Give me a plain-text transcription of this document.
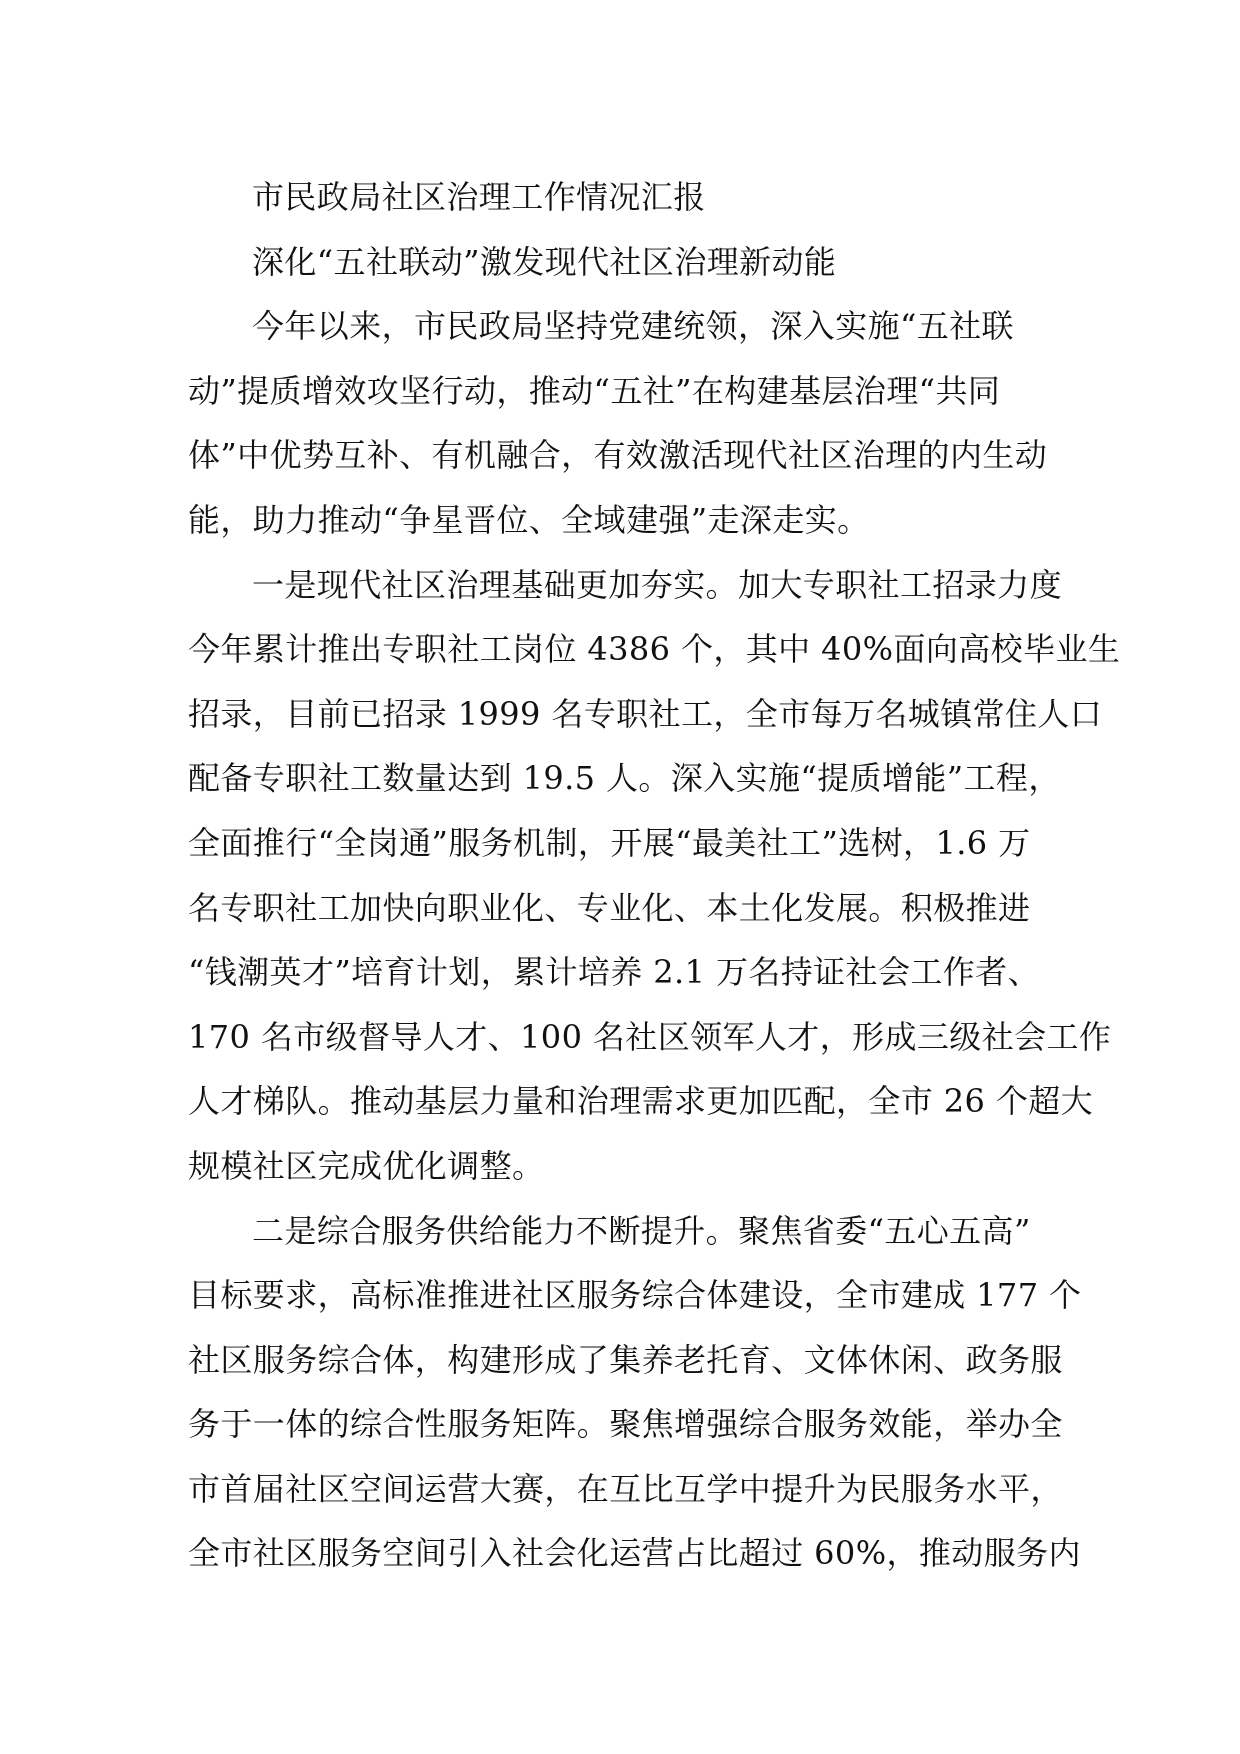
市民政局社区治理工作情况汇报
深化“五社联动”激发现代社区治理新动能
今年以来，市民政局坚持党建统领，深入实施“五社联
动”提质增效攻坚行动，推动“五社”在构建基层治理“共同
体”中优势互补、有机融合，有效激活现代社区治理的内生动
能，助力推动“争星晋位、全域建强”走深走实。
一是现代社区治理基础更加夯实。加大专职社工招录力度
今年累计推出专职社工岗位 4386 个，其中 40%面向高校毕业生
招录，目前已招录 1999 名专职社工，全市每万名城镇常住人口
配备专职社工数量达到 19.5 人。深入实施“提质增能”工程，
全面推行“全岗通”服务机制，开展“最美社工”选树，1.6 万
名专职社工加快向职业化、专业化、本土化发展。积极推进
“钱潮英才”培育计划，累计培养 2.1 万名持证社会工作者、
170 名市级督导人才、100 名社区领军人才，形成三级社会工作
人才梯队。推动基层力量和治理需求更加匹配，全市 26 个超大
规模社区完成优化调整。
二是综合服务供给能力不断提升。聚焦省委“五心五高”
目标要求，高标准推进社区服务综合体建设，全市建成 177 个
社区服务综合体，构建形成了集养老托育、文体休闲、政务服
务于一体的综合性服务矩阵。聚焦增强综合服务效能，举办全
市首届社区空间运营大赛，在互比互学中提升为民服务水平，
全市社区服务空间引入社会化运营占比超过 60%，推动服务内
